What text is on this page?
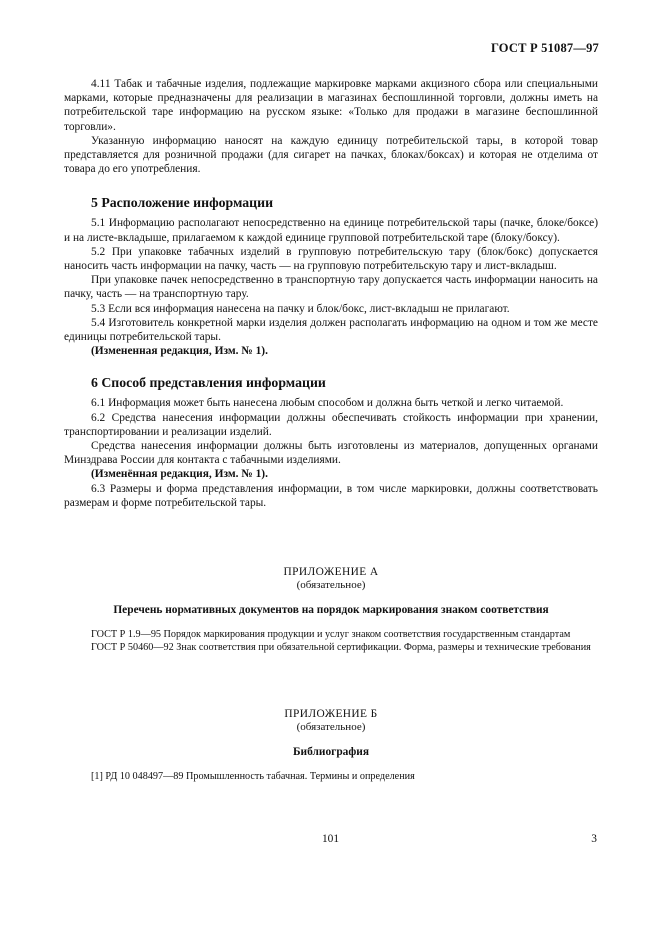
ГОСТ Р 51087—97

4.11 Табак и табачные изделия, подлежащие маркировке марками акцизного сбора или специальными марками, которые предназначены для реализации в магазинах беспошлинной торговли, должны иметь на потребительской таре информацию на русском языке: «Только для продажи в магазине беспошлинной торговли».

Указанную информацию наносят на каждую единицу потребительской тары, в которой товар представляется для розничной продажи (для сигарет на пачках, блоках/боксах) и которая не отделима от товара до его употребления.

5 Расположение информации

5.1 Информацию располагают непосредственно на единице потребительской тары (пачке, блоке/боксе) и на листе-вкладыше, прилагаемом к каждой единице групповой потребительской таре (блоку/боксу).

5.2 При упаковке табачных изделий в групповую потребительскую тару (блок/бокс) допускается наносить часть информации на пачку, часть — на групповую потребительскую тару и лист-вкладыш.

При упаковке пачек непосредственно в транспортную тару допускается часть информации наносить на пачку, часть — на транспортную тару.

5.3 Если вся информация нанесена на пачку и блок/бокс, лист-вкладыш не прилагают.

5.4 Изготовитель конкретной марки изделия должен располагать информацию на одном и том же месте единицы потребительской тары.

(Измененная редакция, Изм. № 1).

6 Способ представления информации

6.1 Информация может быть нанесена любым способом и должна быть четкой и легко читаемой.

6.2 Средства нанесения информации должны обеспечивать стойкость информации при хранении, транспортировании и реализации изделий.

Средства нанесения информации должны быть изготовлены из материалов, допущенных органами Минздрава России для контакта с табачными изделиями.

(Изменённая редакция, Изм. № 1).

6.3 Размеры и форма представления информации, в том числе маркировки, должны соответствовать размерам и форме потребительской тары.

ПРИЛОЖЕНИЕ А
(обязательное)
Перечень нормативных документов на порядок маркирования знаком соответствия

ГОСТ Р 1.9—95 Порядок маркирования продукции и услуг знаком соответствия государственным стандартам

ГОСТ Р 50460—92 Знак соответствия при обязательной сертификации. Форма, размеры и технические требования

ПРИЛОЖЕНИЕ Б
(обязательное)
Библиография

[1] РД 10 048497—89 Промышленность табачная. Термины и определения

101	3
